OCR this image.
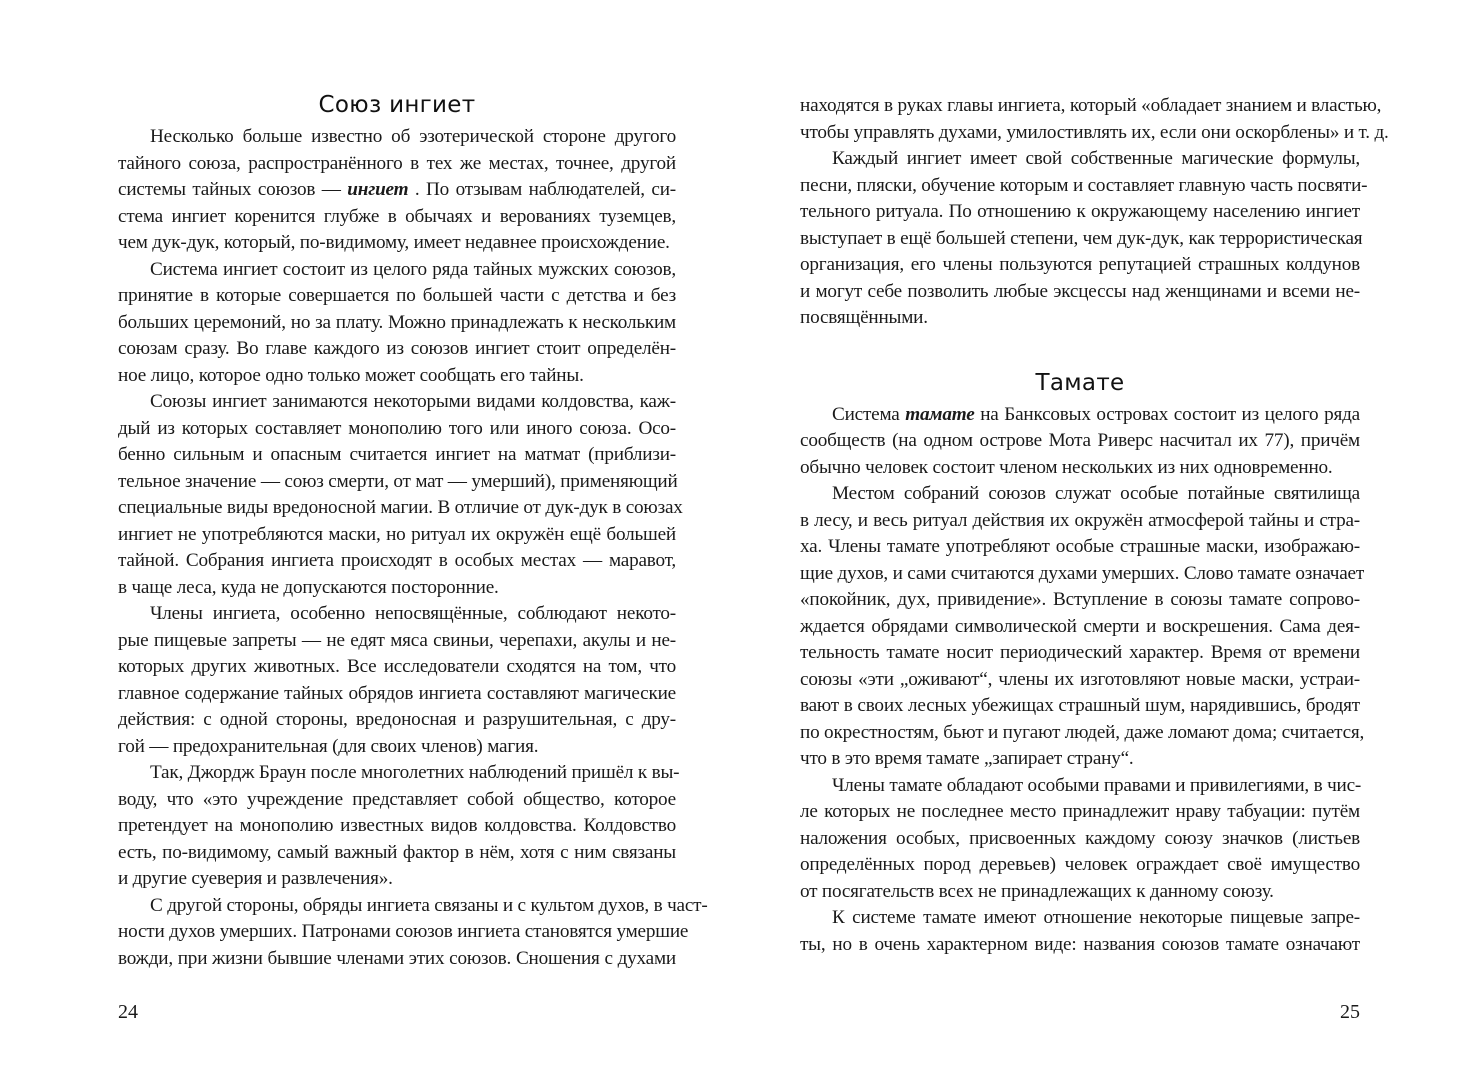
Союз ингиет
Несколько больше известно об эзотерической стороне другого
тайного союза, распространённого в тех же местах, точнее, другой
системы тайных союзов — ингиет . По отзывам наблюдателей, си-
стема ингиет коренится глубже в обычаях и верованиях туземцев,
чем дук-дук, который, по-видимому, имеет недавнее происхождение.
Система ингиет состоит из целого ряда тайных мужских союзов,
принятие в которые совершается по большей части с детства и без
больших церемоний, но за плату. Можно принадлежать к нескольким
союзам сразу. Во главе каждого из союзов ингиет стоит определён-
ное лицо, которое одно только может сообщать его тайны.
Союзы ингиет занимаются некоторыми видами колдовства, каж-
дый из которых составляет монополию того или иного союза. Осо-
бенно сильным и опасным считается ингиет на матмат (приблизи-
тельное значение — союз смерти, от мат — умерший), применяющий
специальные виды вредоносной магии. В отличие от дук-дук в союзах
ингиет не употребляются маски, но ритуал их окружён ещё большей
тайной. Собрания ингиета происходят в особых местах — маравот,
в чаще леса, куда не допускаются посторонние.
Члены ингиета, особенно непосвящённые, соблюдают некото-
рые пищевые запреты — не едят мяса свиньи, черепахи, акулы и не-
которых других животных. Все исследователи сходятся на том, что
главное содержание тайных обрядов ингиета составляют магические
действия: с одной стороны, вредоносная и разрушительная, с дру-
гой — предохранительная (для своих членов) магия.
Так, Джордж Браун после многолетних наблюдений пришёл к вы-
воду, что «это учреждение представляет собой общество, которое
претендует на монополию известных видов колдовства. Колдовство
есть, по-видимому, самый важный фактор в нём, хотя с ним связаны
и другие суеверия и развлечения».
С другой стороны, обряды ингиета связаны и с культом духов, в част-
ности духов умерших. Патронами союзов ингиета становятся умершие
вожди, при жизни бывшие членами этих союзов. Сношения с духами
24
находятся в руках главы ингиета, который «обладает знанием и властью,
чтобы управлять духами, умилостивлять их, если они оскорблены» и т. д.
Каждый ингиет имеет свой собственные магические формулы,
песни, пляски, обучение которым и составляет главную часть посвяти-
тельного ритуала. По отношению к окружающему населению ингиет
выступает в ещё большей степени, чем дук-дук, как террористическая
организация, его члены пользуются репутацией страшных колдунов
и могут себе позволить любые эксцессы над женщинами и всеми не-
посвящёнными.
Тамате
Система тамате на Банксовых островах состоит из целого ряда
сообществ (на одном острове Мота Риверс насчитал их 77), причём
обычно человек состоит членом нескольких из них одновременно.
Местом собраний союзов служат особые потайные святилища
в лесу, и весь ритуал действия их окружён атмосферой тайны и стра-
ха. Члены тамате употребляют особые страшные маски, изображаю-
щие духов, и сами считаются духами умерших. Слово тамате означает
«покойник, дух, привидение». Вступление в союзы тамате сопрово-
ждается обрядами символической смерти и воскрешения. Сама дея-
тельность тамате носит периодический характер. Время от времени
союзы «эти „оживают“, члены их изготовляют новые маски, устраи-
вают в своих лесных убежищах страшный шум, нарядившись, бродят
по окрестностям, бьют и пугают людей, даже ломают дома; считается,
что в это время тамате „запирает страну“.
Члены тамате обладают особыми правами и привилегиями, в чис-
ле которых не последнее место принадлежит нраву табуации: путём
наложения особых, присвоенных каждому союзу значков (листьев
определённых пород деревьев) человек ограждает своё имущество
от посягательств всех не принадлежащих к данному союзу.
К системе тамате имеют отношение некоторые пищевые запре-
ты, но в очень характерном виде: названия союзов тамате означают
25
